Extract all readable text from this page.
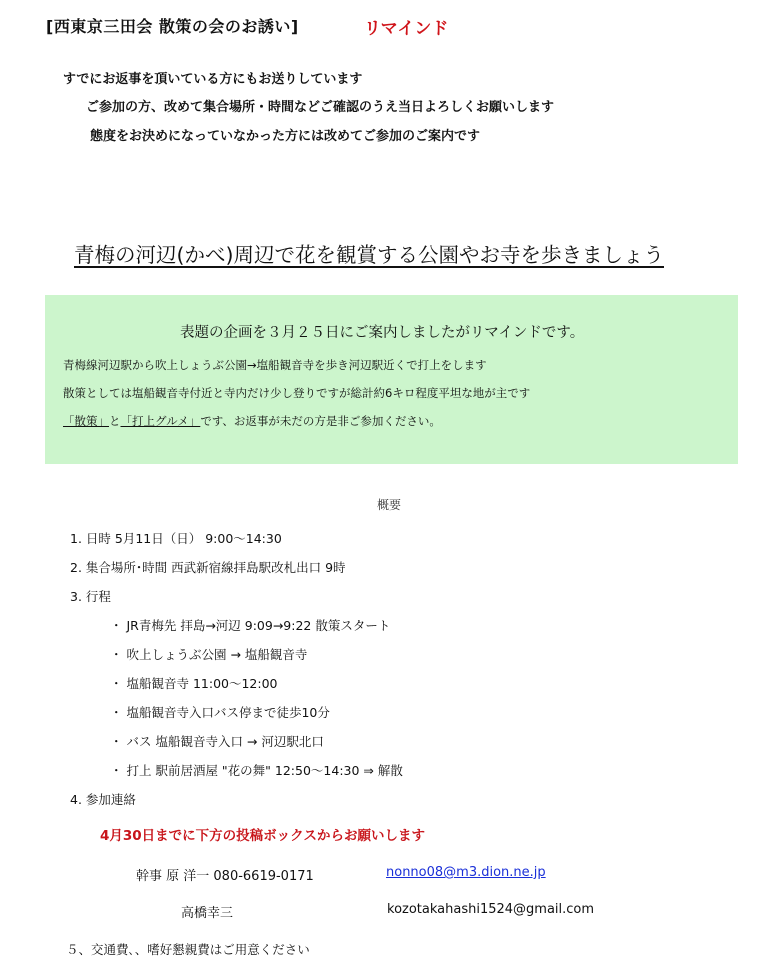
[西東京三田会 散策の会のお誘い]	リマインド
すでにお返事を頂いている方にもお送りしています
ご参加の方、改めて集合場所・時間などご確認のうえ当日よろしくお願いします
態度をお決めになっていなかった方には改めてご参加のご案内です
青梅の河辺(かべ)周辺で花を観賞する公園やお寺を歩きましょう
表題の企画を３月２５日にご案内しましたがリマインドです。
青梅線河辺駅から吹上しょうぶ公園→塩船観音寺を歩き河辺駅近くで打上をします
散策としては塩船観音寺付近と寺内だけ少し登りですが総計約6キロ程度平坦な地が主です
「散策」と「打上グルメ」です、お返事が未だの方是非ご参加ください。
概要
1. 日時 5月11日（日） 9:00～14:30
2. 集合場所･時間 西武新宿線拝島駅改札出口 9時
3. 行程
・ JR青梅先 拝島→河辺 9:09→9:22 散策スタート
・ 吹上しょうぶ公園 → 塩船観音寺
・ 塩船観音寺 11:00～12:00
・ 塩船観音寺入口バス停まで徒歩10分
・ バス 塩船観音寺入口 → 河辺駅北口
・ 打上 駅前居酒屋 "花の舞" 12:50～14:30 ⇒ 解散
4. 参加連絡
4月30日までに下方の投稿ボックスからお願いします
幹事 原 洋一 080-6619-0171	nonno08@m3.dion.ne.jp
高橋幸三	kozotakahashi1524@gmail.com
５、交通費､、嗜好懇親費はご用意ください
